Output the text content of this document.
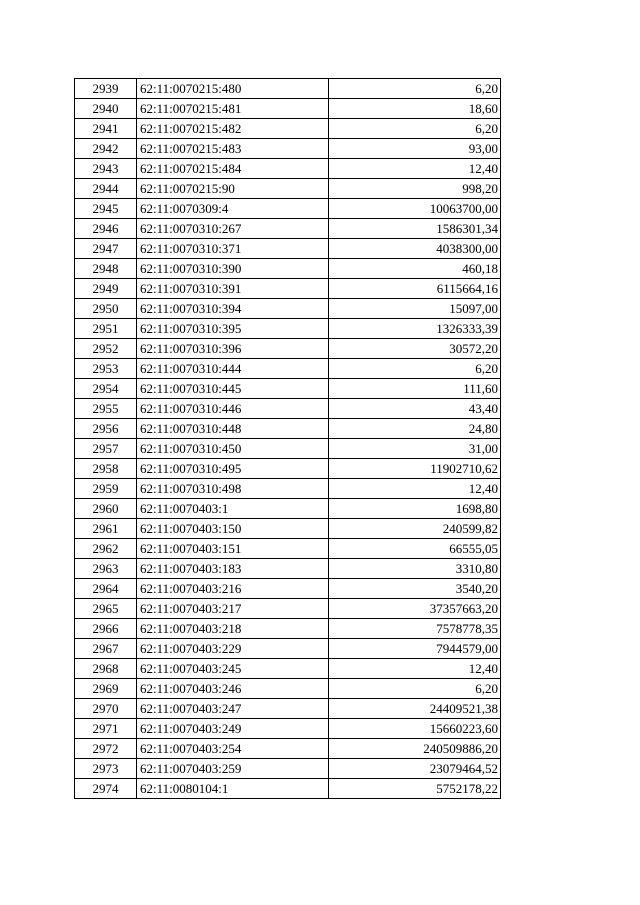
2939	62:11:0070215:480	6,20
2940	62:11:0070215:481	18,60
2941	62:11:0070215:482	6,20
2942	62:11:0070215:483	93,00
2943	62:11:0070215:484	12,40
2944	62:11:0070215:90	998,20
2945	62:11:0070309:4	10063700,00
2946	62:11:0070310:267	1586301,34
2947	62:11:0070310:371	4038300,00
2948	62:11:0070310:390	460,18
2949	62:11:0070310:391	6115664,16
2950	62:11:0070310:394	15097,00
2951	62:11:0070310:395	1326333,39
2952	62:11:0070310:396	30572,20
2953	62:11:0070310:444	6,20
2954	62:11:0070310:445	111,60
2955	62:11:0070310:446	43,40
2956	62:11:0070310:448	24,80
2957	62:11:0070310:450	31,00
2958	62:11:0070310:495	11902710,62
2959	62:11:0070310:498	12,40
2960	62:11:0070403:1	1698,80
2961	62:11:0070403:150	240599,82
2962	62:11:0070403:151	66555,05
2963	62:11:0070403:183	3310,80
2964	62:11:0070403:216	3540,20
2965	62:11:0070403:217	37357663,20
2966	62:11:0070403:218	7578778,35
2967	62:11:0070403:229	7944579,00
2968	62:11:0070403:245	12,40
2969	62:11:0070403:246	6,20
2970	62:11:0070403:247	24409521,38
2971	62:11:0070403:249	15660223,60
2972	62:11:0070403:254	240509886,20
2973	62:11:0070403:259	23079464,52
2974	62:11:0080104:1	5752178,22
